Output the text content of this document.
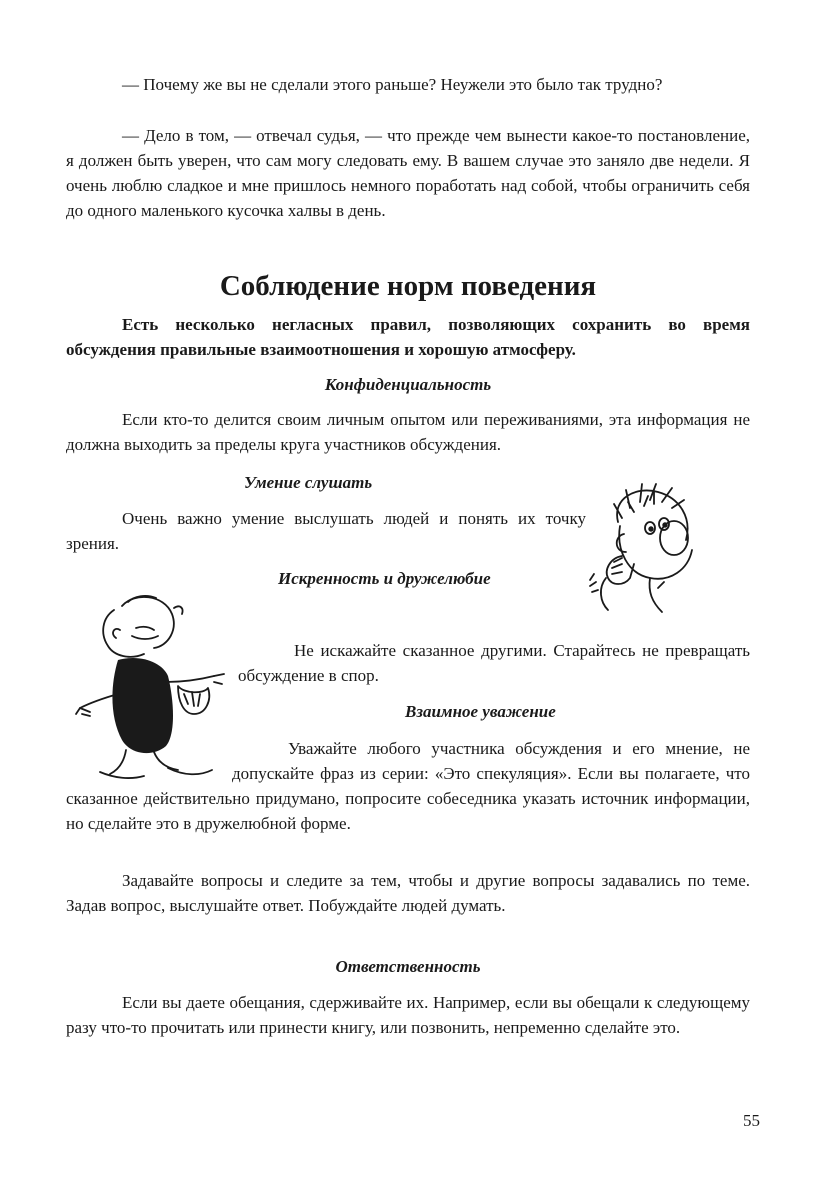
— Почему же вы не сделали этого раньше? Неужели это было так трудно?

— Дело в том, — отвечал судья, — что прежде чем вынести какое-то постановление, я должен быть уверен, что сам могу следовать ему. В вашем случае это заняло две недели. Я очень люблю сладкое и мне пришлось немного поработать над собой, чтобы ограничить себя до одного маленького кусочка халвы в день.

Соблюдение норм поведения

Есть несколько негласных правил, позволяющих сохранить во время обсуждения правильные взаимоотношения и хорошую атмосферу.

Конфиденциальность

Если кто-то делится своим личным опытом или переживаниями, эта информация не должна выходить за пределы круга участников обсуждения.

Умение слушать

Очень важно умение выслушать людей и понять их точку зрения.

Искренность и дружелюбие

Не искажайте сказанное другими. Старайтесь не превращать обсуждение в спор.

Взаимное уважение

Уважайте любого участника обсуждения и его мнение, не допускайте фраз из серии: «Это спекуляция». Если вы полагаете, что сказанное действительно придумано, попросите собеседника указать источник информации, но сделайте это в дружелюбной форме.

Задавайте вопросы и следите за тем, чтобы и другие вопросы задавались по теме. Задав вопрос, выслушайте ответ. Побуждайте людей думать.

Ответственность

Если вы даете обещания, сдерживайте их. Например, если вы обещали к следующему разу что-то прочитать или принести книгу, или позвонить, непременно сделайте это.

55
